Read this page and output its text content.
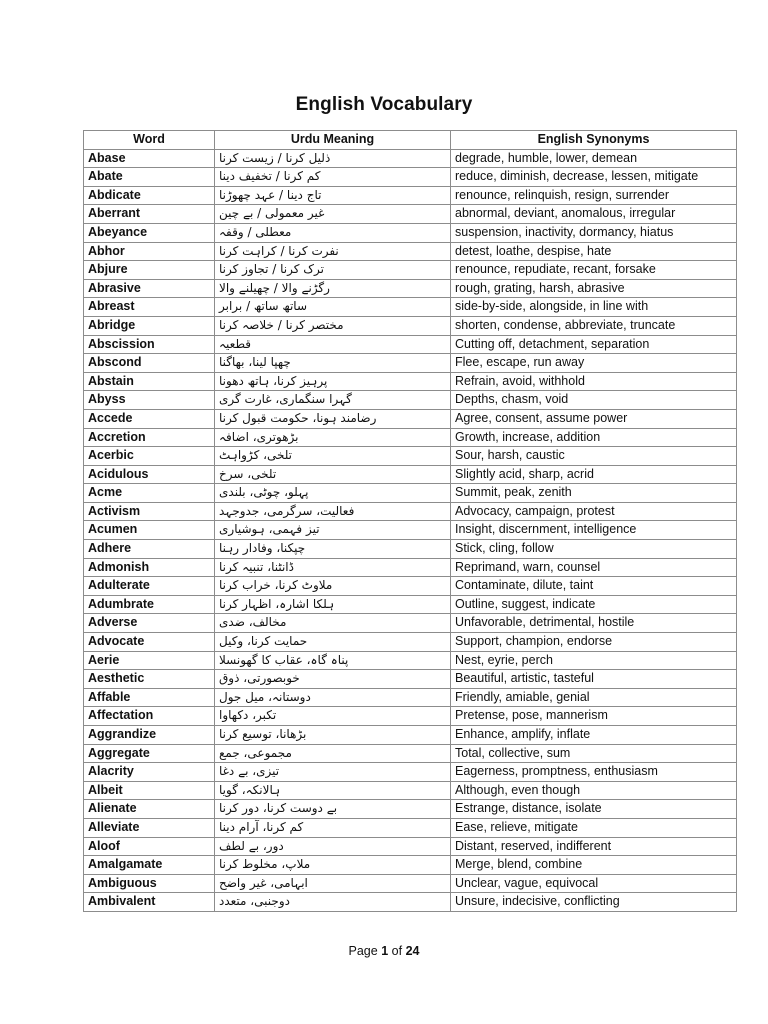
English Vocabulary
Word	Urdu Meaning	English Synonyms
Abase	ذلیل کرنا / زیست کرنا	degrade, humble, lower, demean
Abate	کم کرنا / تخفیف دینا	reduce, diminish, decrease, lessen, mitigate
Abdicate	تاج دینا / عہد چھوڑنا	renounce, relinquish, resign, surrender
Aberrant	غیر معمولی / بے چین	abnormal, deviant, anomalous, irregular
Abeyance	معطلی / وقفہ	suspension, inactivity, dormancy, hiatus
Abhor	نفرت کرنا / کراہت کرنا	detest, loathe, despise, hate
Abjure	ترک کرنا / تجاوز کرنا	renounce, repudiate, recant, forsake
Abrasive	رگڑنے والا / چھیلنے والا	rough, grating, harsh, abrasive
Abreast	ساتھ ساتھ / برابر	side-by-side, alongside, in line with
Abridge	مختصر کرنا / خلاصہ کرنا	shorten, condense, abbreviate, truncate
Abscission	قطعیہ	Cutting off, detachment, separation
Abscond	چھپا لینا، بھاگنا	Flee, escape, run away
Abstain	پرہیز کرنا، ہاتھ دھونا	Refrain, avoid, withhold
Abyss	گہرا سنگماری، غارت گری	Depths, chasm, void
Accede	رضامند ہونا، حکومت قبول کرنا	Agree, consent, assume power
Accretion	بڑھوتری، اضافہ	Growth, increase, addition
Acerbic	تلخی، کڑواہٹ	Sour, harsh, caustic
Acidulous	تلخی، سرخ	Slightly acid, sharp, acrid
Acme	پہلو، چوٹی، بلندی	Summit, peak, zenith
Activism	فعالیت، سرگرمی، جدوجہد	Advocacy, campaign, protest
Acumen	تیز فہمی، ہوشیاری	Insight, discernment, intelligence
Adhere	چپکنا، وفادار رہنا	Stick, cling, follow
Admonish	ڈانٹنا، تنبیہ کرنا	Reprimand, warn, counsel
Adulterate	ملاوٹ کرنا، خراب کرنا	Contaminate, dilute, taint
Adumbrate	ہلکا اشارہ، اظہار کرنا	Outline, suggest, indicate
Adverse	مخالف، ضدی	Unfavorable, detrimental, hostile
Advocate	حمایت کرنا، وکیل	Support, champion, endorse
Aerie	پناہ گاہ، عقاب کا گھونسلا	Nest, eyrie, perch
Aesthetic	خوبصورتی، ذوق	Beautiful, artistic, tasteful
Affable	دوستانہ، میل جول	Friendly, amiable, genial
Affectation	تکبر، دکھاوا	Pretense, pose, mannerism
Aggrandize	بڑھانا، توسیع کرنا	Enhance, amplify, inflate
Aggregate	مجموعی، جمع	Total, collective, sum
Alacrity	تیزی، بے دغا	Eagerness, promptness, enthusiasm
Albeit	ہالانکہ، گویا	Although, even though
Alienate	بے دوست کرنا، دور کرنا	Estrange, distance, isolate
Alleviate	کم کرنا، آرام دینا	Ease, relieve, mitigate
Aloof	دور، بے لطف	Distant, reserved, indifferent
Amalgamate	ملاپ، مخلوط کرنا	Merge, blend, combine
Ambiguous	ابہامی، غیر واضح	Unclear, vague, equivocal
Ambivalent	دوجنبی، متعدد	Unsure, indecisive, conflicting
Page 1 of 24
